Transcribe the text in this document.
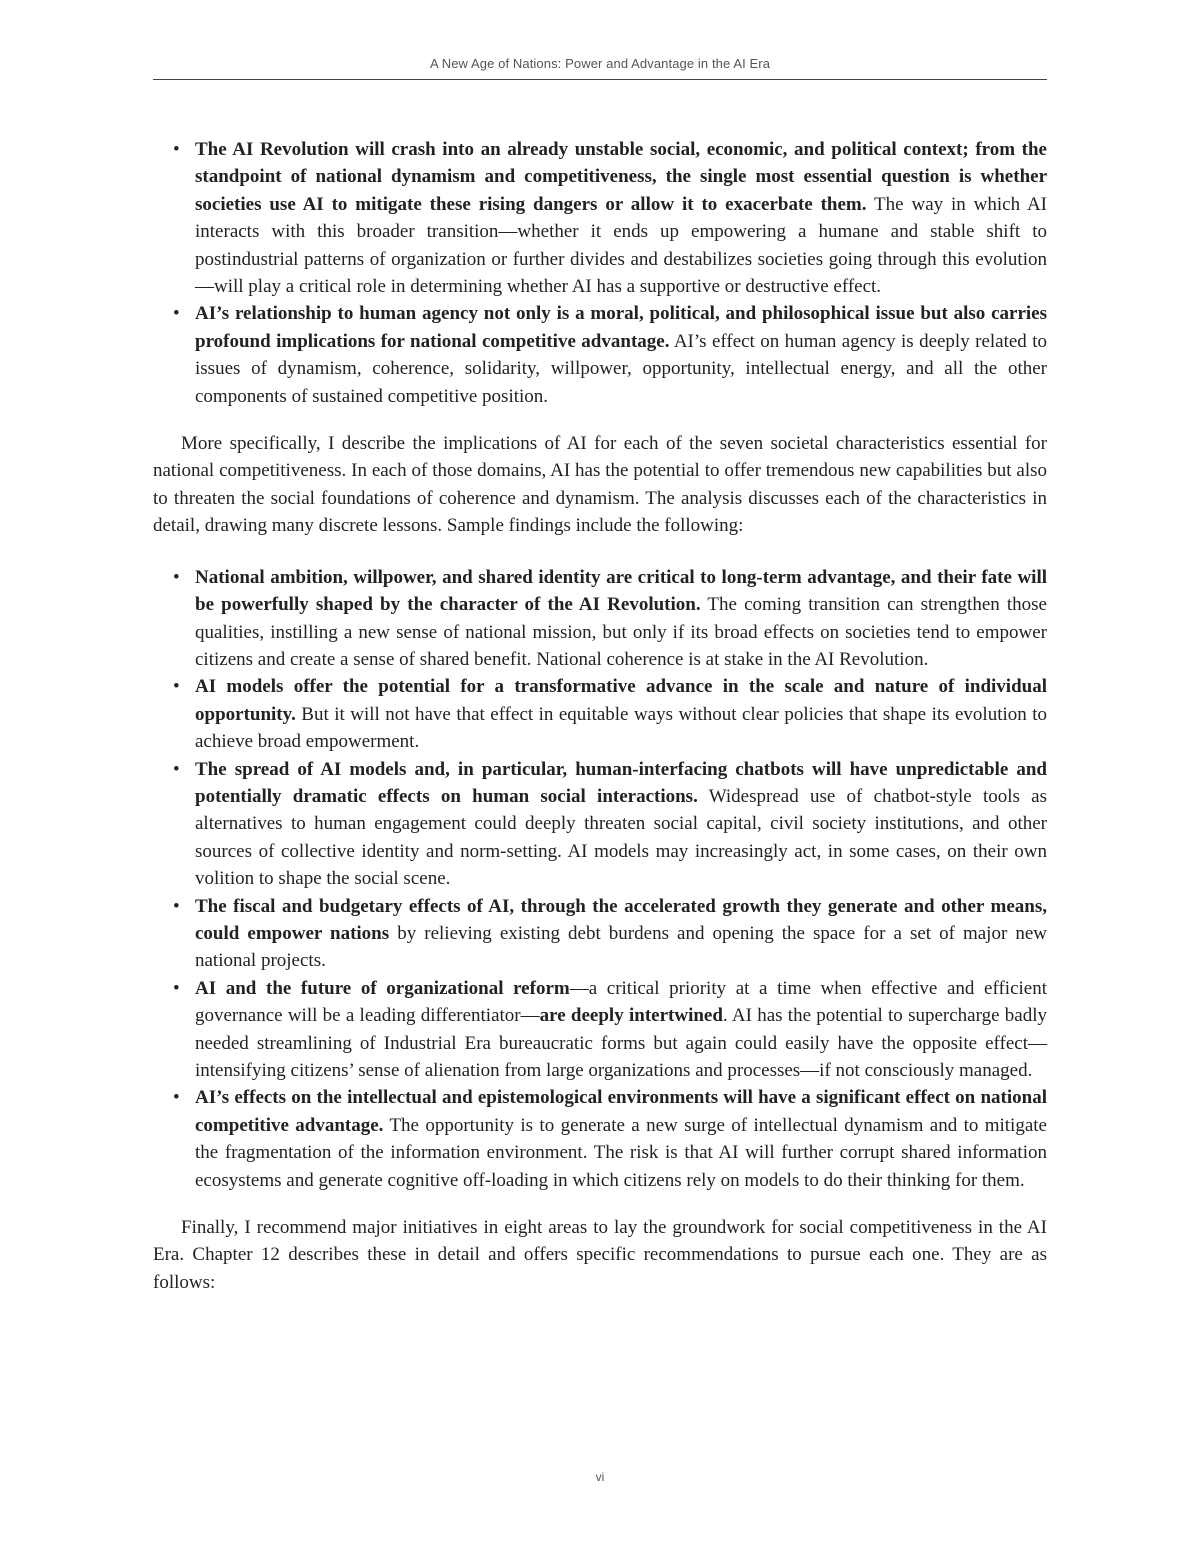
A New Age of Nations: Power and Advantage in the AI Era
• The AI Revolution will crash into an already unstable social, economic, and political context; from the standpoint of national dynamism and competitiveness, the single most essential question is whether societies use AI to mitigate these rising dangers or allow it to exacerbate them. The way in which AI interacts with this broader transition—whether it ends up empowering a humane and stable shift to postindustrial patterns of organization or further divides and destabilizes societies going through this evolution—will play a critical role in determining whether AI has a supportive or destructive effect.
• AI’s relationship to human agency not only is a moral, political, and philosophical issue but also carries profound implications for national competitive advantage. AI’s effect on human agency is deeply related to issues of dynamism, coherence, solidarity, willpower, opportunity, intellectual energy, and all the other components of sustained competitive position.

More specifically, I describe the implications of AI for each of the seven societal characteristics essential for national competitiveness. In each of those domains, AI has the potential to offer tremendous new capabilities but also to threaten the social foundations of coherence and dynamism. The analysis discusses each of the characteristics in detail, drawing many discrete lessons. Sample findings include the following:

• National ambition, willpower, and shared identity are critical to long-term advantage, and their fate will be powerfully shaped by the character of the AI Revolution. The coming transition can strengthen those qualities, instilling a new sense of national mission, but only if its broad effects on societies tend to empower citizens and create a sense of shared benefit. National coherence is at stake in the AI Revolution.
• AI models offer the potential for a transformative advance in the scale and nature of individual opportunity. But it will not have that effect in equitable ways without clear policies that shape its evolution to achieve broad empowerment.
• The spread of AI models and, in particular, human-interfacing chatbots will have unpredictable and potentially dramatic effects on human social interactions. Widespread use of chatbot-style tools as alternatives to human engagement could deeply threaten social capital, civil society institutions, and other sources of collective identity and norm-setting. AI models may increasingly act, in some cases, on their own volition to shape the social scene.
• The fiscal and budgetary effects of AI, through the accelerated growth they generate and other means, could empower nations by relieving existing debt burdens and opening the space for a set of major new national projects.
• AI and the future of organizational reform—a critical priority at a time when effective and efficient governance will be a leading differentiator—are deeply intertwined. AI has the potential to supercharge badly needed streamlining of Industrial Era bureaucratic forms but again could easily have the opposite effect—intensifying citizens’ sense of alienation from large organizations and processes—if not consciously managed.
• AI’s effects on the intellectual and epistemological environments will have a significant effect on national competitive advantage. The opportunity is to generate a new surge of intellectual dynamism and to mitigate the fragmentation of the information environment. The risk is that AI will further corrupt shared information ecosystems and generate cognitive off-loading in which citizens rely on models to do their thinking for them.

Finally, I recommend major initiatives in eight areas to lay the groundwork for social competitiveness in the AI Era. Chapter 12 describes these in detail and offers specific recommendations to pursue each one. They are as follows:

vi
